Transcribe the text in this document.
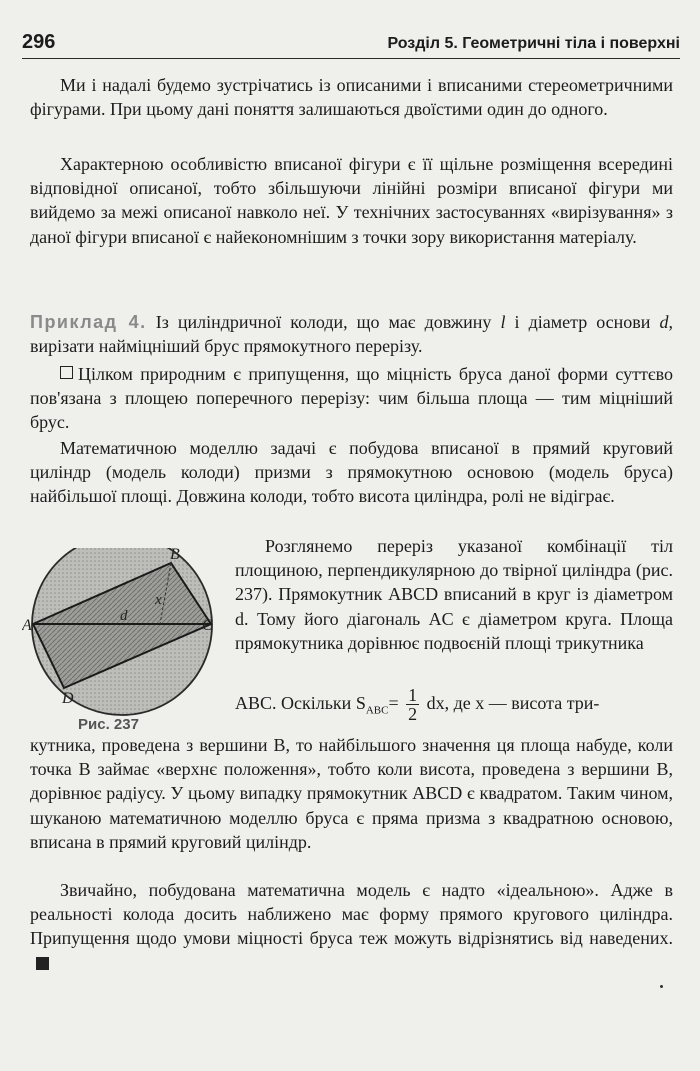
296	Розділ 5. Геометричні тіла і поверхні

Ми і надалі будемо зустрічатись із описаними і вписаними стереометричними фігурами. При цьому дані поняття залишаються двоїстими один до одного.

Характерною особливістю вписаної фігури є її щільне розміщення всередині відповідної описаної, тобто збільшуючи лінійні розміри вписаної фігури ми вийдемо за межі описаної навколо неї. У технічних застосуваннях «вирізування» з даної фігури вписаної є найекономнішим з точки зору використання матеріалу.

Приклад 4. Із циліндричної колоди, що має довжину l і діаметр основи d, вирізати найміцніший брус прямокутного перерізу.

Цілком природним є припущення, що міцність бруса даної форми суттєво пов'язана з площею поперечного перерізу: чим більша площа — тим міцніший брус.

Математичною моделлю задачі є побудова вписаної в прямий круговий циліндр (модель колоди) призми з прямокутною основою (модель бруса) найбільшої площі. Довжина колоди, тобто висота циліндра, ролі не відіграє.

A
B
C
D
d
x
Рис. 237

Розглянемо переріз указаної комбінації тіл площиною, перпендикулярною до твірної циліндра (рис. 237). Прямокутник ABCD вписаний в круг із діаметром d. Тому його діагональ AC є діаметром круга. Площа прямокутника дорівнює подвоєній площі трикутника

ABC. Оскільки $S_{ABC}= \frac{1}{2}$ dx, де x — висота три-

кутника, проведена з вершини B, то найбільшого значення ця площа набуде, коли точка B займає «верхнє положення», тобто коли висота, проведена з вершини B, дорівнює радіусу. У цьому випадку прямокутник ABCD є квадратом. Таким чином, шуканою математичною моделлю бруса є пряма призма з квадратною основою, вписана в прямий круговий циліндр.

Звичайно, побудована математична модель є надто «ідеальною». Адже в реальності колода досить наближено має форму прямого кругового циліндра. Припущення щодо умови міцності бруса теж можуть відрізнятись від наведених.
